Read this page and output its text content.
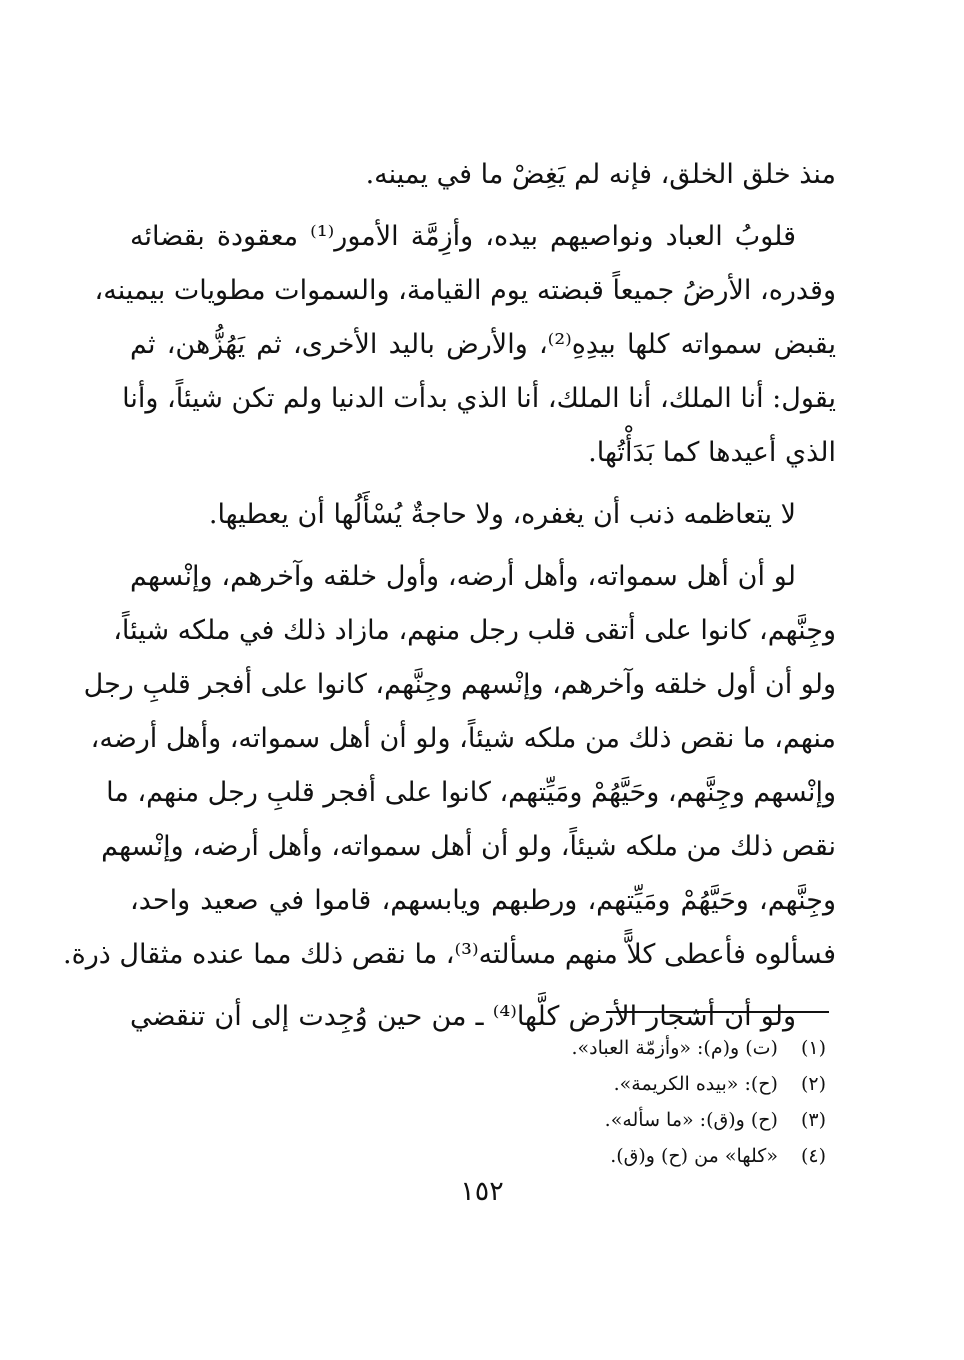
منذ خلق الخلق، فإنه لم يَغِضْ ما في يمينه.
قلوبُ العباد ونواصيهم بيده، وأزِمَّة الأمور⁽¹⁾ معقودة بقضائه
وقدره، الأرضُ جميعاً قبضته يوم القيامة، والسموات مطويات بيمينه،
يقبض سمواته كلها بيدِهِ⁽²⁾، والأرض باليد الأخرى، ثم يَهُزُّهن، ثم
يقول: أنا الملك، أنا الملك، أنا الذي بدأت الدنيا ولم تكن شيئاً، وأنا
الذي أعيدها كما بَدَأْتُها.
لا يتعاظمه ذنب أن يغفره، ولا حاجةٌ يُسْأَلُها أن يعطيها.
لو أن أهل سمواته، وأهل أرضه، وأول خلقه وآخرهم، وإنْسهم
وجِنَّهم، كانوا على أتقى قلب رجل منهم، مازاد ذلك في ملكه شيئاً،
ولو أن أول خلقه وآخرهم، وإنْسهم وجِنَّهم، كانوا على أفجر قلبِ رجل
منهم، ما نقص ذلك من ملكه شيئاً، ولو أن أهل سمواته، وأهل أرضه،
وإنْسهم وجِنَّهم، وحَيَّهُمْ ومَيِّتهم، كانوا على أفجر قلبِ رجل منهم، ما
نقص ذلك من ملكه شيئاً، ولو أن أهل سمواته، وأهل أرضه، وإنْسهم
وجِنَّهم، وحَيَّهُمْ ومَيِّتهم، ورطبهم ويابسهم، قاموا في صعيد واحد،
فسألوه فأعطى كلاًّ منهم مسألته⁽³⁾، ما نقص ذلك مما عنده مثقال ذرة.
ولو أن أشجار الأرض كلَّها⁽⁴⁾ ـ من حين وُجِدت إلى أن تنقضي
(١) (ت) و(م): «وأزمّة العباد».
(٢) (ح): «بيده الكريمة».
(٣) (ح) و(ق): «ما سأله».
(٤) «كلها» من (ح) و(ق).
١٥٢
